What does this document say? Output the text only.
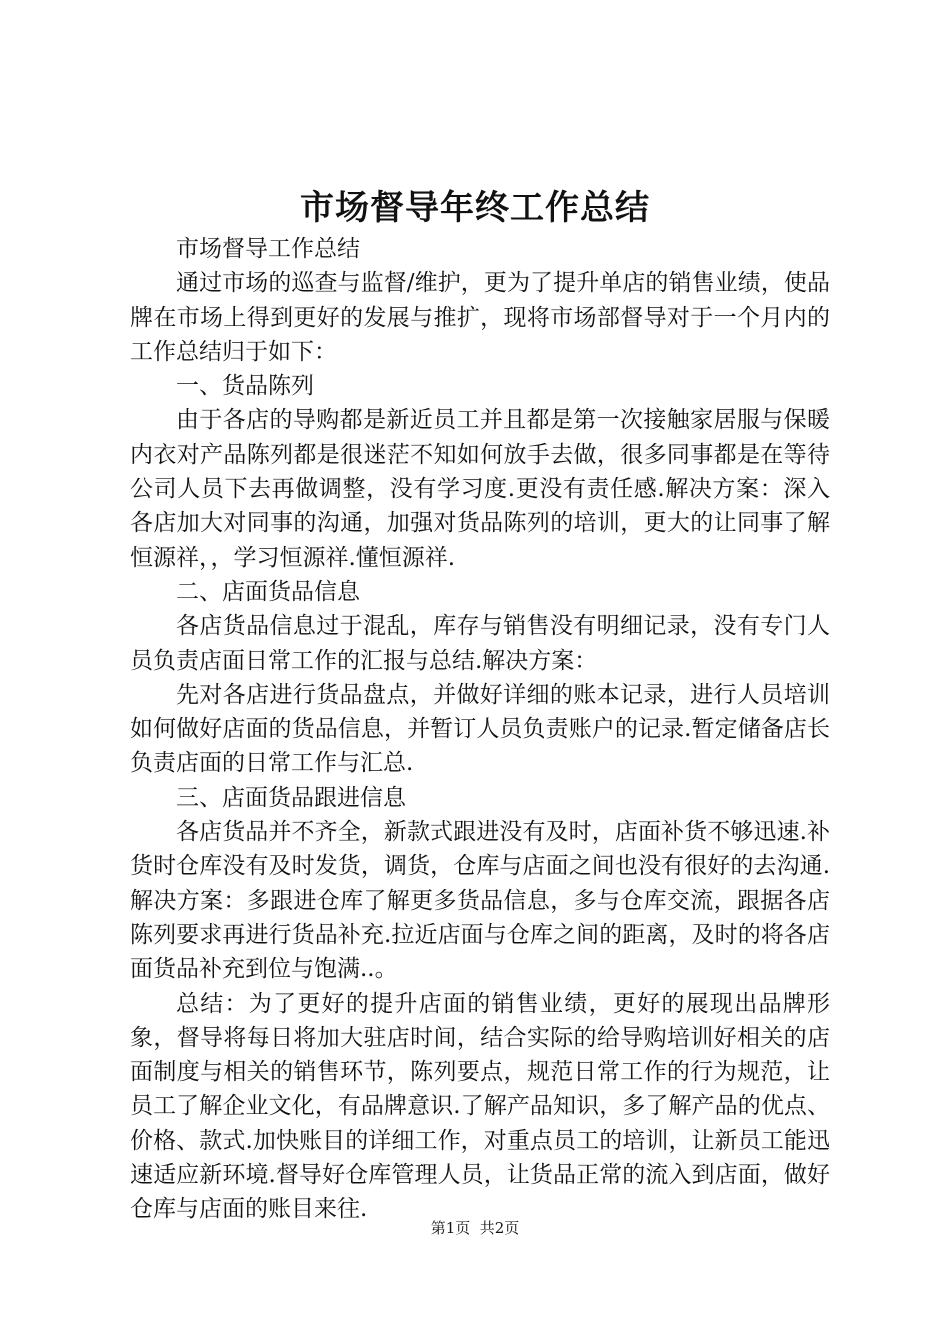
市场督导年终工作总结

市场督导工作总结

通过市场的巡查与监督/维护，更为了提升单店的销售业绩，使品牌在市场上得到更好的发展与推扩，现将市场部督导对于一个月内的工作总结归于如下：

一、货品陈列

由于各店的导购都是新近员工并且都是第一次接触家居服与保暖内衣对产品陈列都是很迷茫不知如何放手去做，很多同事都是在等待公司人员下去再做调整，没有学习度.更没有责任感.解决方案：深入各店加大对同事的沟通，加强对货品陈列的培训，更大的让同事了解恒源祥，，学习恒源祥.懂恒源祥.

二、店面货品信息

各店货品信息过于混乱，库存与销售没有明细记录，没有专门人员负责店面日常工作的汇报与总结.解决方案：

先对各店进行货品盘点，并做好详细的账本记录，进行人员培训如何做好店面的货品信息，并暂订人员负责账户的记录.暂定储备店长负责店面的日常工作与汇总.

三、店面货品跟进信息

各店货品并不齐全，新款式跟进没有及时，店面补货不够迅速.补货时仓库没有及时发货，调货，仓库与店面之间也没有很好的去沟通.解决方案：多跟进仓库了解更多货品信息，多与仓库交流，跟据各店陈列要求再进行货品补充.拉近店面与仓库之间的距离，及时的将各店面货品补充到位与饱满..。

总结：为了更好的提升店面的销售业绩，更好的展现出品牌形象，督导将每日将加大驻店时间，结合实际的给导购培训好相关的店面制度与相关的销售环节，陈列要点，规范日常工作的行为规范，让员工了解企业文化，有品牌意识.了解产品知识，多了解产品的优点、价格、款式.加快账目的详细工作，对重点员工的培训，让新员工能迅速适应新环境.督导好仓库管理人员，让货品正常的流入到店面，做好仓库与店面的账目来往.

第1页  共2页
